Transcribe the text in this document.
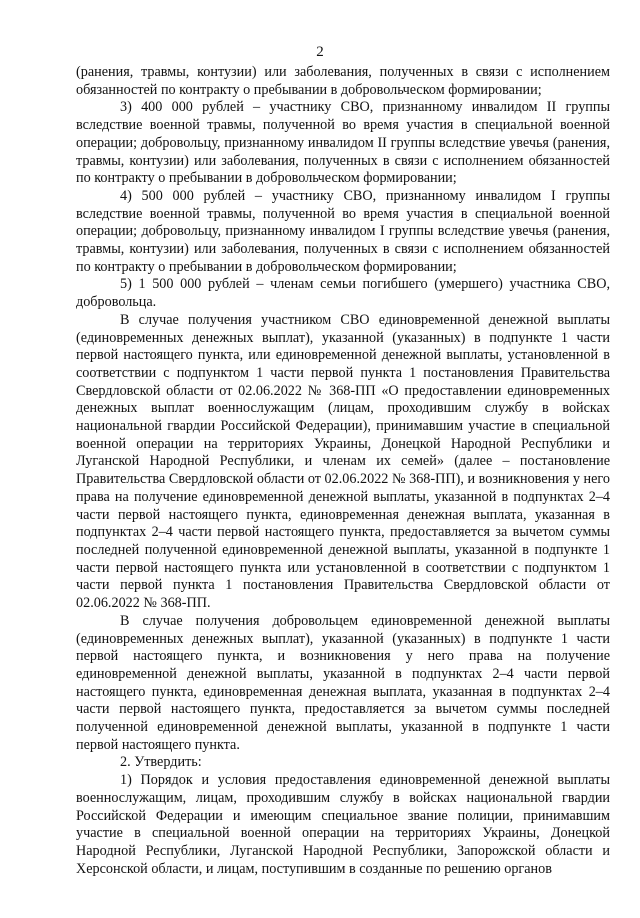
2

(ранения, травмы, контузии) или заболевания, полученных в связи с исполнением обязанностей по контракту о пребывании в добровольческом формировании;

3) 400 000 рублей – участнику СВО, признанному инвалидом II группы вследствие военной травмы, полученной во время участия в специальной военной операции; добровольцу, признанному инвалидом II группы вследствие увечья (ранения, травмы, контузии) или заболевания, полученных в связи с исполнением обязанностей по контракту о пребывании в добровольческом формировании;

4) 500 000 рублей – участнику СВО, признанному инвалидом I группы вследствие военной травмы, полученной во время участия в специальной военной операции; добровольцу, признанному инвалидом I группы вследствие увечья (ранения, травмы, контузии) или заболевания, полученных в связи с исполнением обязанностей по контракту о пребывании в добровольческом формировании;

5) 1 500 000 рублей – членам семьи погибшего (умершего) участника СВО, добровольца.

В случае получения участником СВО единовременной денежной выплаты (единовременных денежных выплат), указанной (указанных) в подпункте 1 части первой настоящего пункта, или единовременной денежной выплаты, установленной в соответствии с подпунктом 1 части первой пункта 1 постановления Правительства Свердловской области от 02.06.2022 № 368-ПП «О предоставлении единовременных денежных выплат военнослужащим (лицам, проходившим службу в войсках национальной гвардии Российской Федерации), принимавшим участие в специальной военной операции на территориях Украины, Донецкой Народной Республики и Луганской Народной Республики, и членам их семей» (далее – постановление Правительства Свердловской области от 02.06.2022 № 368-ПП), и возникновения у него права на получение единовременной денежной выплаты, указанной в подпунктах 2–4 части первой настоящего пункта, единовременная денежная выплата, указанная в подпунктах 2–4 части первой настоящего пункта, предоставляется за вычетом суммы последней полученной единовременной денежной выплаты, указанной в подпункте 1 части первой настоящего пункта или установленной в соответствии с подпунктом 1 части первой пункта 1 постановления Правительства Свердловской области от 02.06.2022 № 368-ПП.

В случае получения добровольцем единовременной денежной выплаты (единовременных денежных выплат), указанной (указанных) в подпункте 1 части первой настоящего пункта, и возникновения у него права на получение единовременной денежной выплаты, указанной в подпунктах 2–4 части первой настоящего пункта, единовременная денежная выплата, указанная в подпунктах 2–4 части первой настоящего пункта, предоставляется за вычетом суммы последней полученной единовременной денежной выплаты, указанной в подпункте 1 части первой настоящего пункта.

2. Утвердить:

1) Порядок и условия предоставления единовременной денежной выплаты военнослужащим, лицам, проходившим службу в войсках национальной гвардии Российской Федерации и имеющим специальное звание полиции, принимавшим участие в специальной военной операции на территориях Украины, Донецкой Народной Республики, Луганской Народной Республики, Запорожской области и Херсонской области, и лицам, поступившим в созданные по решению органов
